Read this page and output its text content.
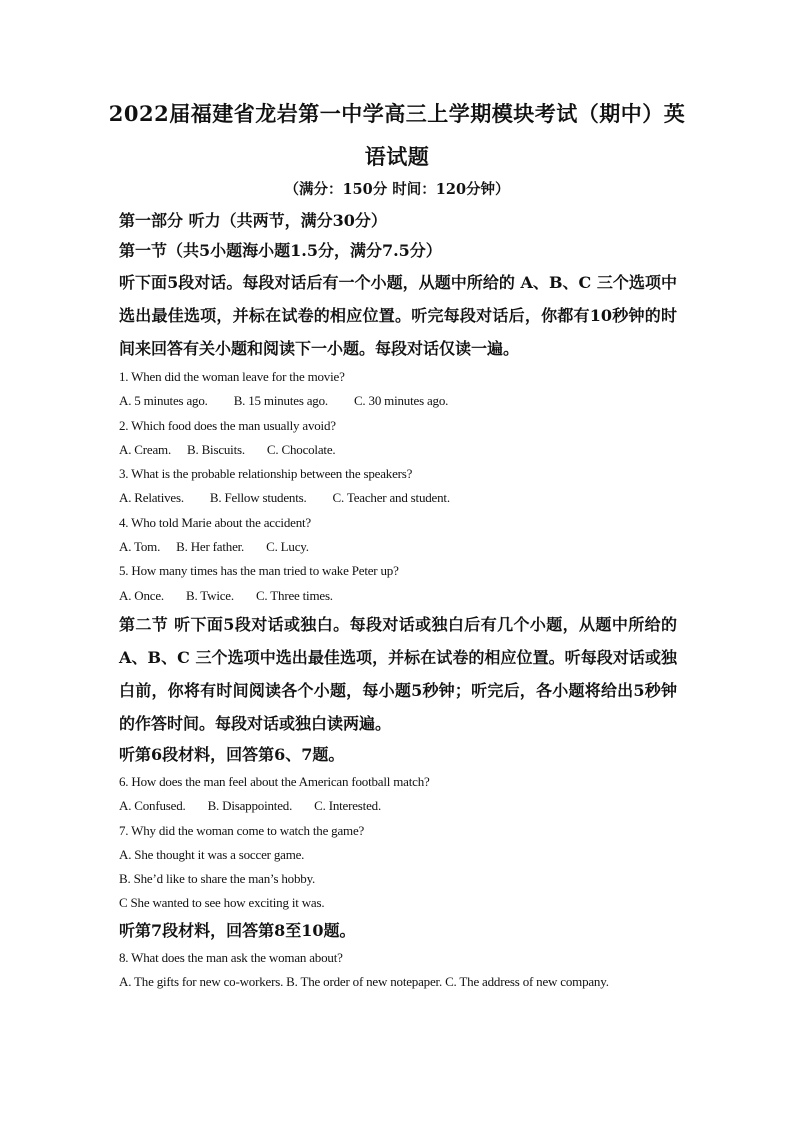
2022届福建省龙岩第一中学高三上学期模块考试（期中）英
语试题
（满分：150分 时间：120分钟）
第一部分 听力（共两节，满分30分）
第一节（共5小题海小题1.5分，满分7.5分）
听下面5段对话。每段对话后有一个小题，从题中所给的 A、B、C 三个选项中选出最佳选项，并标在试卷的相应位置。听完每段对话后，你都有10秒钟的时间来回答有关小题和阅读下一小题。每段对话仅读一遍。
1. When did the woman leave for the movie?
A. 5 minutes ago. B. 15 minutes ago. C. 30 minutes ago.
2. Which food does the man usually avoid?
A. Cream. B. Biscuits. C. Chocolate.
3. What is the probable relationship between the speakers?
A. Relatives. B. Fellow students. C. Teacher and student.
4. Who told Marie about the accident?
A. Tom. B. Her father. C. Lucy.
5. How many times has the man tried to wake Peter up?
A. Once. B. Twice. C. Three times.
第二节 听下面5段对话或独白。每段对话或独白后有几个小题，从题中所给的 A、B、C 三个选项中选出最佳选项，并标在试卷的相应位置。听每段对话或独白前，你将有时间阅读各个小题，每小题5秒钟；听完后，各小题将给出5秒钟的作答时间。每段对话或独白读两遍。
听第6段材料，回答第6、7题。
6. How does the man feel about the American football match?
A. Confused. B. Disappointed. C. Interested.
7. Why did the woman come to watch the game?
A. She thought it was a soccer game.
B. She’d like to share the man’s hobby.
C She wanted to see how exciting it was.
听第7段材料，回答第8至10题。
8. What does the man ask the woman about?
A. The gifts for new co-workers. B. The order of new notepaper. C. The address of new company.
